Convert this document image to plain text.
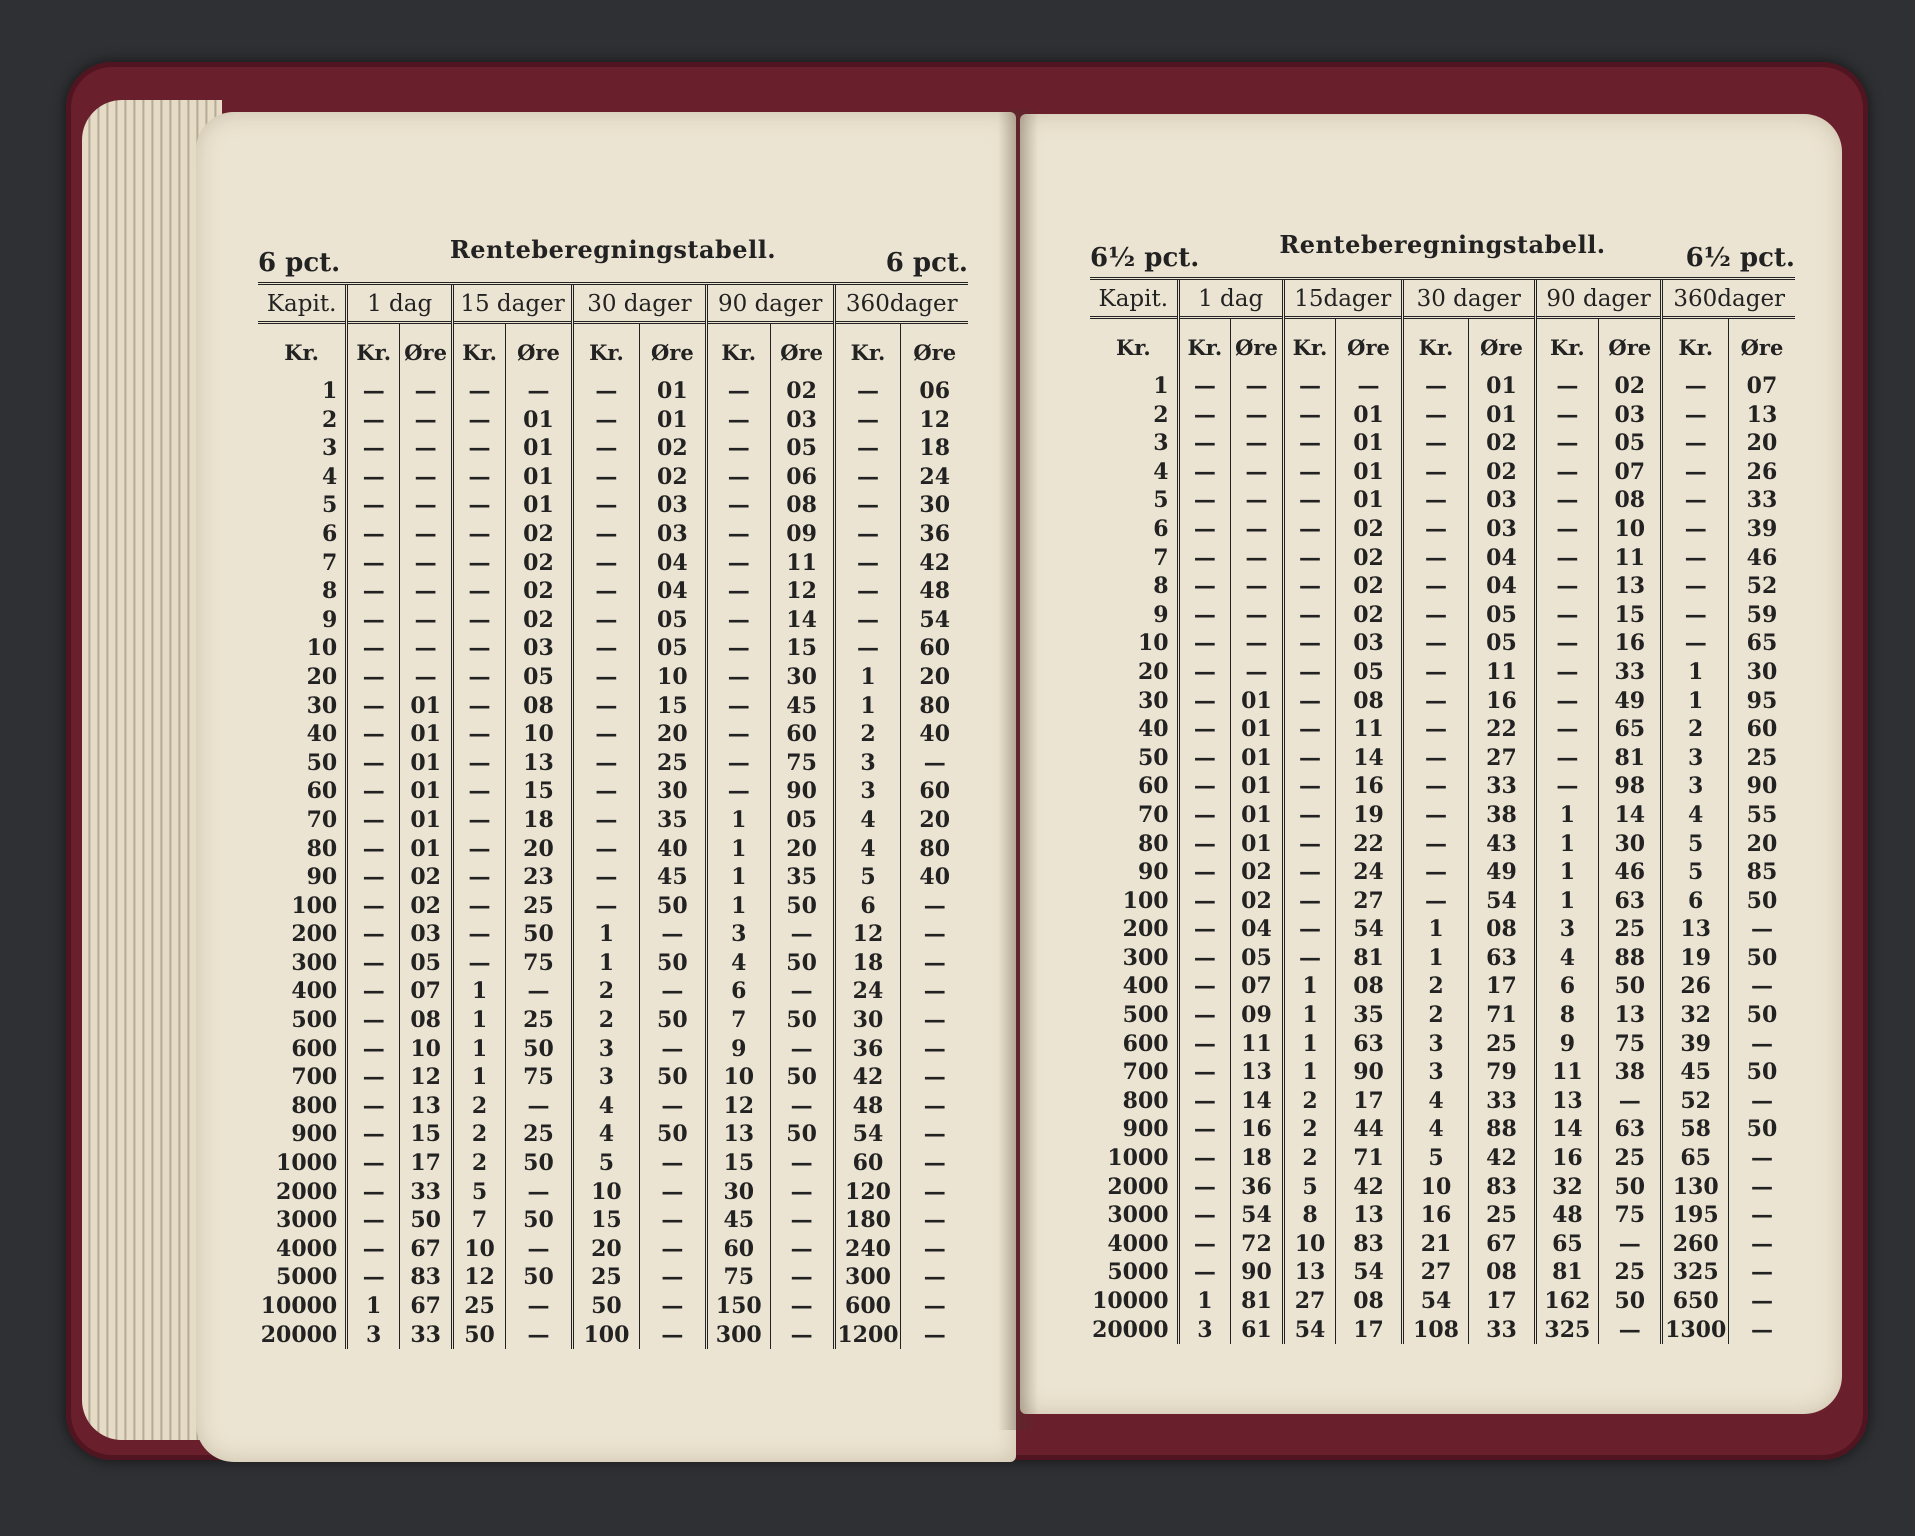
6 pct.	Renteberegningstabell.	6 pct.
Kapit.	1 dag		15 dager		30 dager		90 dager		360dager	
Kr.	Kr.	Øre	Kr.	Øre	Kr.	Øre	Kr.	Øre	Kr.	Øre
1	—	—	—	—	—	01	—	02	—	06
2	—	—	—	01	—	01	—	03	—	12
3	—	—	—	01	—	02	—	05	—	18
4	—	—	—	01	—	02	—	06	—	24
5	—	—	—	01	—	03	—	08	—	30
6	—	—	—	02	—	03	—	09	—	36
7	—	—	—	02	—	04	—	11	—	42
8	—	—	—	02	—	04	—	12	—	48
9	—	—	—	02	—	05	—	14	—	54
10	—	—	—	03	—	05	—	15	—	60
20	—	—	—	05	—	10	—	30	1	20
30	—	01	—	08	—	15	—	45	1	80
40	—	01	—	10	—	20	—	60	2	40
50	—	01	—	13	—	25	—	75	3	—
60	—	01	—	15	—	30	—	90	3	60
70	—	01	—	18	—	35	1	05	4	20
80	—	01	—	20	—	40	1	20	4	80
90	—	02	—	23	—	45	1	35	5	40
100	—	02	—	25	—	50	1	50	6	—
200	—	03	—	50	1	—	3	—	12	—
300	—	05	—	75	1	50	4	50	18	—
400	—	07	1	—	2	—	6	—	24	—
500	—	08	1	25	2	50	7	50	30	—
600	—	10	1	50	3	—	9	—	36	—
700	—	12	1	75	3	50	10	50	42	—
800	—	13	2	—	4	—	12	—	48	—
900	—	15	2	25	4	50	13	50	54	—
1000	—	17	2	50	5	—	15	—	60	—
2000	—	33	5	—	10	—	30	—	120	—
3000	—	50	7	50	15	—	45	—	180	—
4000	—	67	10	—	20	—	60	—	240	—
5000	—	83	12	50	25	—	75	—	300	—
10000	1	67	25	—	50	—	150	—	600	—
20000	3	33	50	—	100	—	300	—	1200	—
6½ pct.	Renteberegningstabell.	6½ pct.
Kapit.	1 dag		15dager		30 dager		90 dager		360dager	
Kr.	Kr.	Øre	Kr.	Øre	Kr.	Øre	Kr.	Øre	Kr.	Øre
1	—	—	—	—	—	01	—	02	—	07
2	—	—	—	01	—	01	—	03	—	13
3	—	—	—	01	—	02	—	05	—	20
4	—	—	—	01	—	02	—	07	—	26
5	—	—	—	01	—	03	—	08	—	33
6	—	—	—	02	—	03	—	10	—	39
7	—	—	—	02	—	04	—	11	—	46
8	—	—	—	02	—	04	—	13	—	52
9	—	—	—	02	—	05	—	15	—	59
10	—	—	—	03	—	05	—	16	—	65
20	—	—	—	05	—	11	—	33	1	30
30	—	01	—	08	—	16	—	49	1	95
40	—	01	—	11	—	22	—	65	2	60
50	—	01	—	14	—	27	—	81	3	25
60	—	01	—	16	—	33	—	98	3	90
70	—	01	—	19	—	38	1	14	4	55
80	—	01	—	22	—	43	1	30	5	20
90	—	02	—	24	—	49	1	46	5	85
100	—	02	—	27	—	54	1	63	6	50
200	—	04	—	54	1	08	3	25	13	—
300	—	05	—	81	1	63	4	88	19	50
400	—	07	1	08	2	17	6	50	26	—
500	—	09	1	35	2	71	8	13	32	50
600	—	11	1	63	3	25	9	75	39	—
700	—	13	1	90	3	79	11	38	45	50
800	—	14	2	17	4	33	13	—	52	—
900	—	16	2	44	4	88	14	63	58	50
1000	—	18	2	71	5	42	16	25	65	—
2000	—	36	5	42	10	83	32	50	130	—
3000	—	54	8	13	16	25	48	75	195	—
4000	—	72	10	83	21	67	65	—	260	—
5000	—	90	13	54	27	08	81	25	325	—
10000	1	81	27	08	54	17	162	50	650	—
20000	3	61	54	17	108	33	325	—	1300	—
